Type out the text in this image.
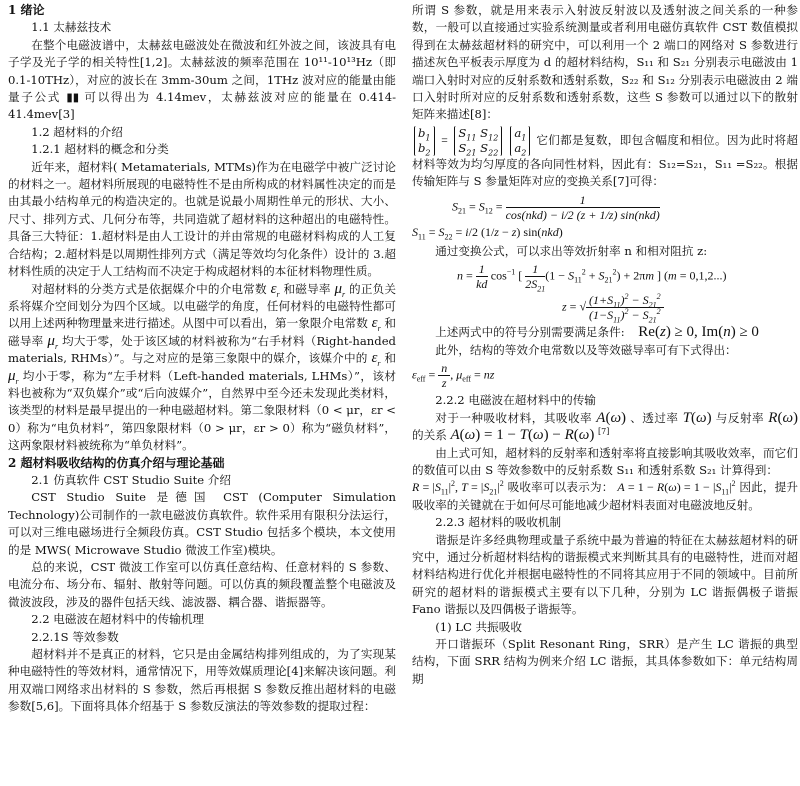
1 绪论

1.1 太赫兹技术

在整个电磁波谱中，太赫兹电磁波处在微波和红外波之间，该波具有电子学及光子学的相关特性[1,2]。太赫兹波的频率范围在 10¹¹-10¹³Hz（即 0.1-10THz），对应的波长在 3mm-30um 之间，1THz 波对应的能量由能量子公式 ▮▮ 可以得出为 4.14mev，太赫兹波对应的能量在 0.414-41.4mev[3]

1.2 超材料的介绍

1.2.1 超材料的概念和分类

近年来，超材料( Metamaterials, MTMs)作为在电磁学中被广泛讨论的材料之一。超材料所展现的电磁特性不是由所构成的材料属性决定的而是由其最小结构单元的构造决定的。也就是说最小周期性单元的形状、大小、尺寸、排列方式、几何分布等，共同造就了超材料的这种超出的电磁特性。具备三大特征：1.超材料是由人工设计的并由常规的电磁材料构成的人工复合结构；2.超材料是以周期性排列方式（满足等效均匀化条件）设计的 3.超材料性质的决定于人工结构而不决定于构成超材料的本征材料物理性质。

对超材料的分类方式是依据媒介中的介电常数 $\varepsilon_r$ 和磁导率 $\mu_r$ 的正负关系将媒介空间划分为四个区域。以电磁学的角度，任何材料的电磁特性都可以用上述两种物理量来进行描述。从图中可以看出，第一象限介电常数 $\varepsilon_r$ 和磁导率 $\mu_r$ 均大于零，处于该区域的材料被称为“右手材料（Right-handed materials, RHMs）”。与之对应的是第三象限中的媒介，该媒介中的 $\varepsilon_r$ 和 $\mu_r$ 均小于零，称为“左手材料（Left-handed materials, LHMs）”，该材料也被称为“双负媒介”或“后向波媒介”，自然界中至今还未发现此类材料，该类型的材料是最早提出的一种电磁超材料。第二象限材料（0 < μr，εr < 0）称为“电负材料”，第四象限材料（0 > μr，εr > 0）称为“磁负材料”，这两象限材料被统称为“单负材料”。

2 超材料吸收结构的仿真介绍与理论基础

2.1 仿真软件 CST Studio Suite 介绍

CST Studio Suite 是德国 CST (Computer Simulation Technology)公司制作的一款电磁波仿真软件。软件采用有限积分法运行，可以对三维电磁场进行全频段仿真。CST Studio 包括多个模块，本文使用的是 MWS( Microwave Studio 微波工作室)模块。

总的来说，CST 微波工作室可以仿真任意结构、任意材料的 S 参数、电流分布、场分布、辐射、散射等问题。可以仿真的频段覆盖整个电磁波及微波波段，涉及的器件包括天线、滤波器、耦合器、谐振器等。

2.2 电磁波在超材料中的传输机理

2.2.1S 等效参数

超材料并不是真正的材料，它只是由金属结构排列组成的，为了实现某种电磁特性的等效材料，通常情况下，用等效媒质理论[4]来解决该问题。利用双端口网络求出材料的 S 参数，然后再根据 S 参数反推出超材料的电磁参数[5,6]。下面将具体介绍基于 S 参数反演法的等效参数的提取过程：

所谓 S 参数，就是用来表示入射波反射波以及透射波之间关系的一种参数，一般可以直接通过实验系统测量或者利用电磁仿真软件 CST 数值模拟得到在太赫兹超材料的研究中，可以利用一个 2 端口的网络对 S 参数进行描述灰色平板表示厚度为 d 的超材料结构，S₁₁ 和 S₂₁ 分别表示电磁波由 1 端口入射时对应的反射系数和透射系数，S₂₂ 和 S₁₂ 分别表示电磁波由 2 端口入射时所对应的反射系数和透射系数，这些 S 参数可以通过以下的散射矩阵来描述[8]：

$b_1$
$b_2 = S_{11}$ $S_{12}$
$S_{21}$ $S_{22}$ $a_1$
$a_2$ 它们都是复数，即包含幅度和相位。因为此时将超材料等效为均匀厚度的各向同性材料，因此有：S₁₂=S₂₁，S₁₁ =S₂₂。根据传输矩阵与 S 参量矩阵对应的变换关系[7]可得：

$S_{21} = S_{12} = \frac{1}{\text{cos(nkd) − i/2 (z + 1/z) sin(nkd)}}$
$S_{11} = S_{22} = i/2$ (1/z − z) sin(nkd)

通过变换公式，可以求出等效折射率 n 和相对阻抗 z:

$n = \frac{1}{kd} \cos^{-1}$ [ $\frac{1}{2S_{21}} (1 - S_{11}^2 + S_{21}^2) + 2\pi m$ ] (m = 0,1,2...)
z = √ $\frac{(1+S_{11})^2 - S_{21}^2}{(1-S_{11})^2 - S_{21}^2}$

上述两式中的符号分别需要满足条件: Re(z) ≥ 0, Im(n) ≥ 0

此外，结构的等效介电常数以及等效磁导率可有下式得出：

$\varepsilon_{eff} = \frac{n}{z}$ , $\mu_{eff}$ = nz

2.2.2 电磁波在超材料中的传输

对于一种吸收材料，其吸收率 A(ω) 、透过率 T(ω) 与反射率 R(ω) 的关系 A(ω) = 1 − T(ω) − R(ω) [7]

由上式可知，超材料的反射率和透射率将直接影响其吸收效率，而它们的数值可以由 S 等效参数中的反射系数 S₁₁ 和透射系数 S₂₁ 计算得到：

$R = |S_{11}|^2$, $T = |S_{21}|^2$ 吸收率可以表示为： $A = 1 - R(\omega) = 1 - |S_{11}|^2$ 因此，提升吸收率的关键就在于如何尽可能地减少超材料表面对电磁波地反射。

2.2.3 超材料的吸收机制

谐振是许多经典物理或量子系统中最为普遍的特征在太赫兹超材料的研究中，通过分析超材料结构的谐振模式来判断其具有的电磁特性，进而对超材料结构进行优化并根据电磁特性的不同将其应用于不同的领域中。目前所研究的超材料的谐振模式主要有以下几种，分别为 LC 谐振偶极子谐振 Fano 谐振以及四偶极子谐振等。

(1) LC 共振吸收

开口谐振环（Split Resonant Ring，SRR）是产生 LC 谐振的典型结构，下面 SRR 结构为例来介绍 LC 谐振，其具体参数如下：单元结构周期
